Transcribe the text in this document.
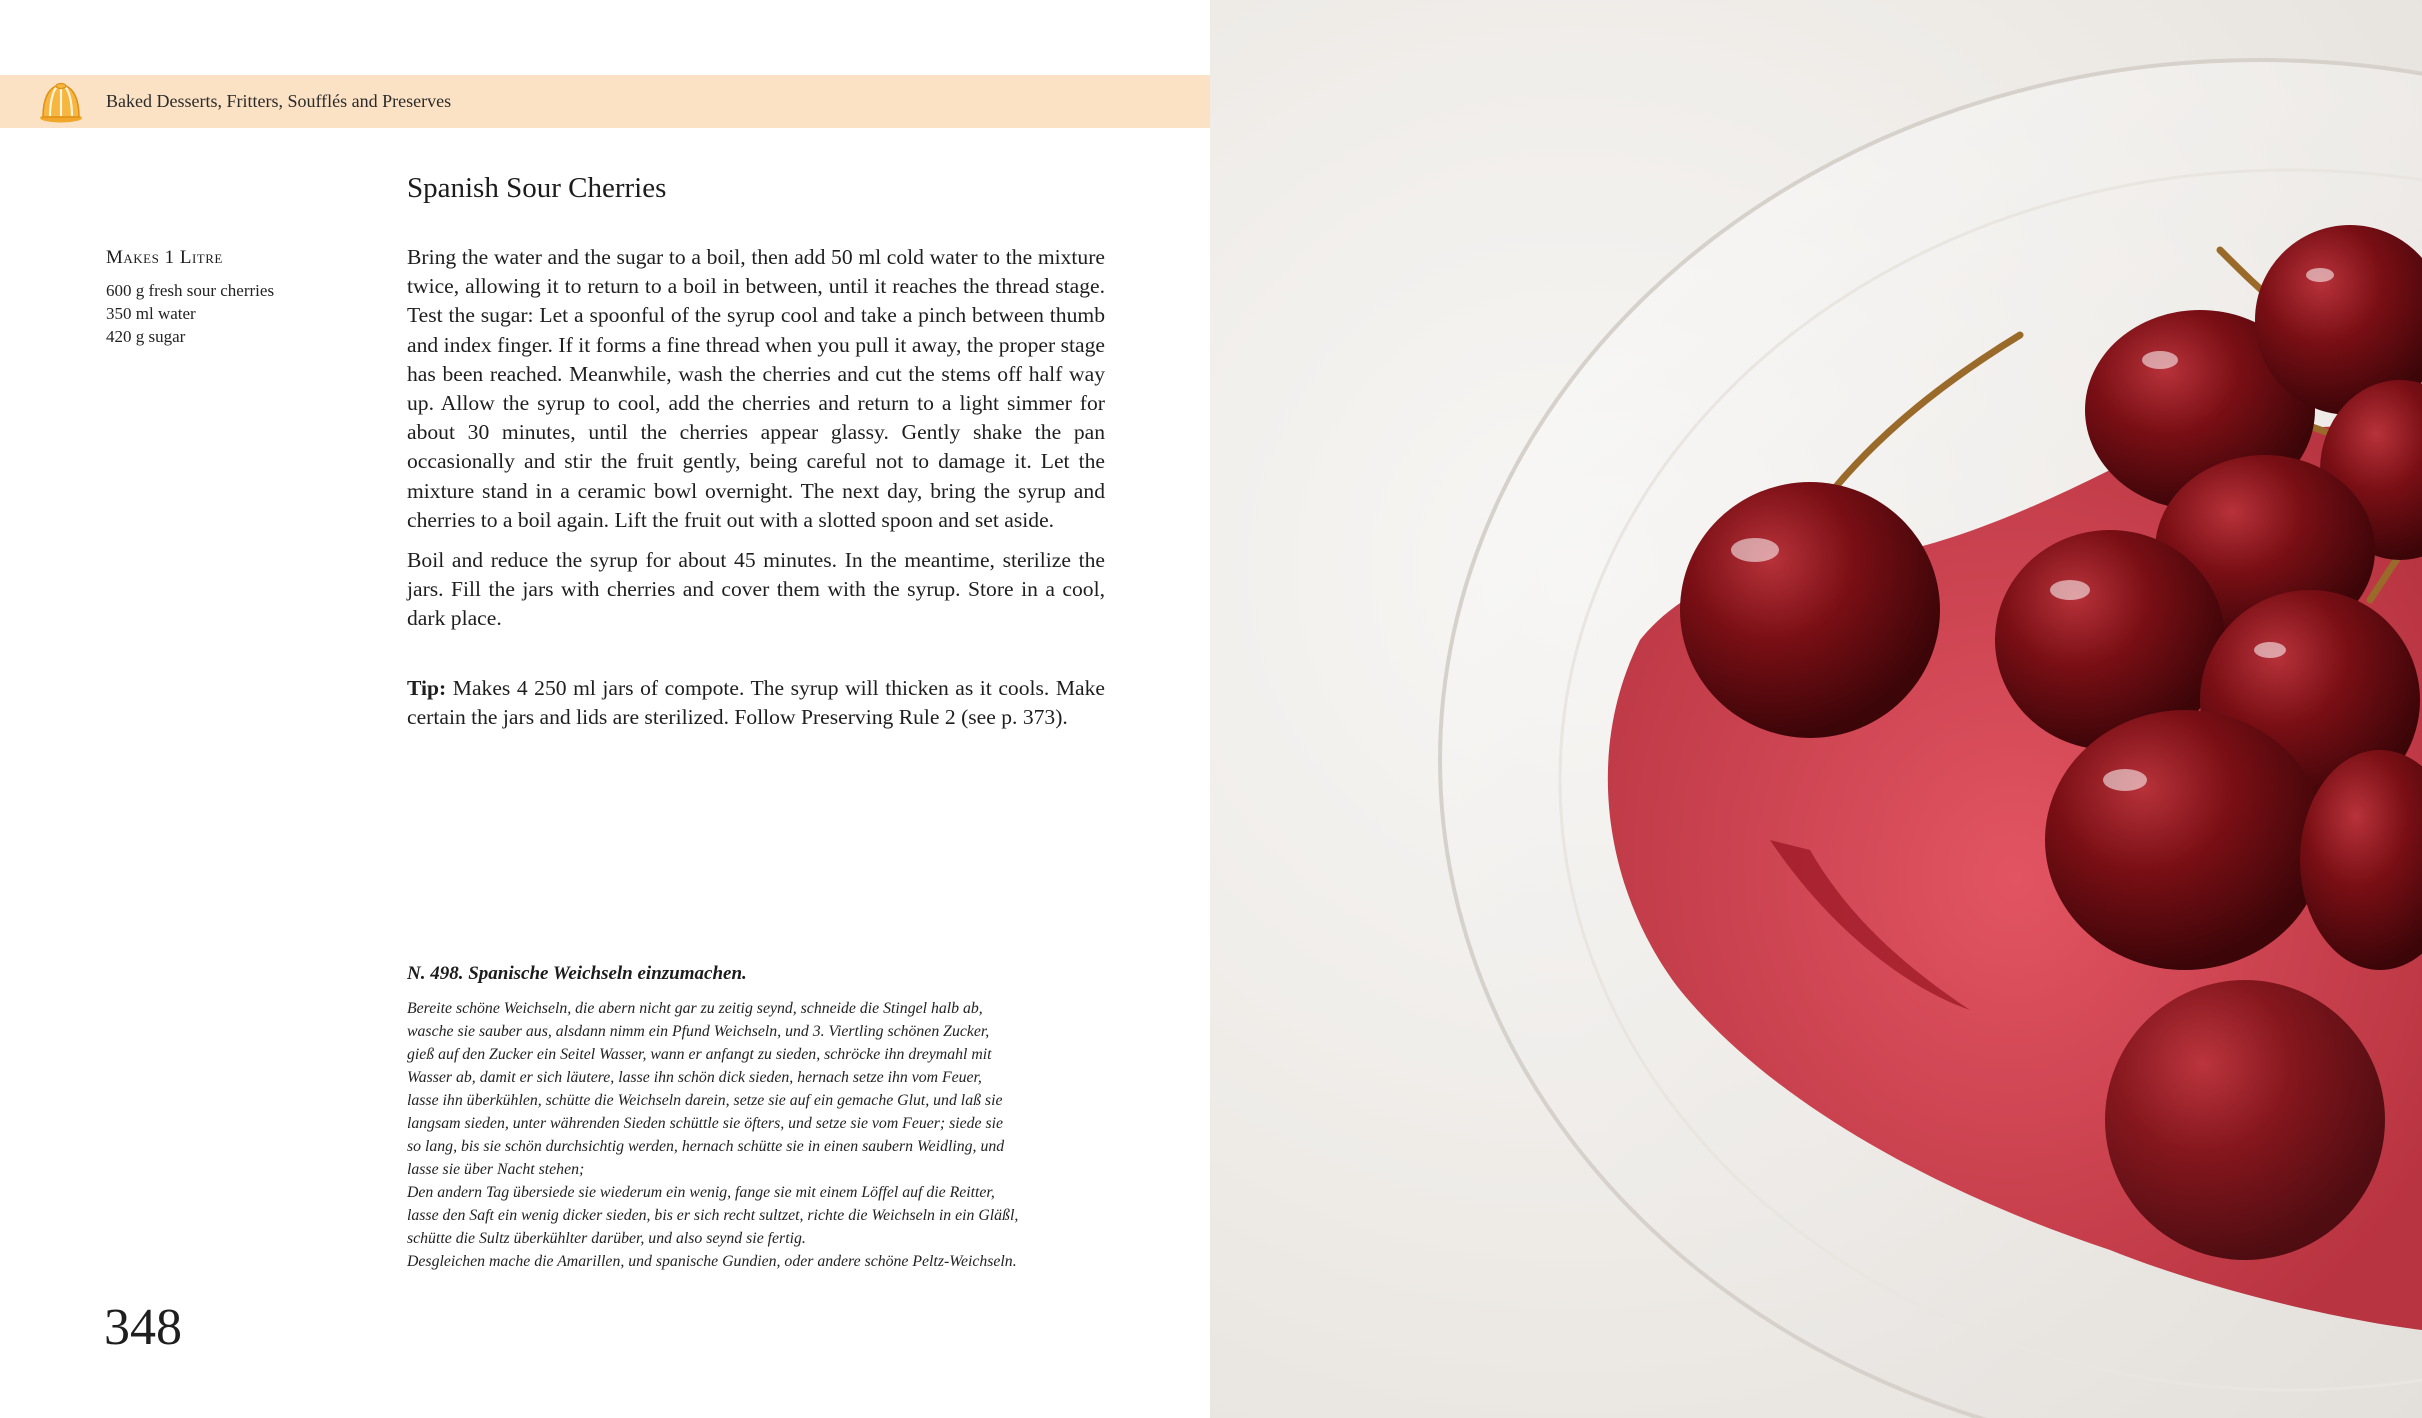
Baked Desserts, Fritters, Soufflés and Preserves
Spanish Sour Cherries
Makes 1 Litre
600 g fresh sour cherries
350 ml water
420 g sugar

Bring the water and the sugar to a boil, then add 50 ml cold water to the mixture twice, allowing it to return to a boil in between, until it reaches the thread stage. Test the sugar: Let a spoonful of the syrup cool and take a pinch between thumb and index finger. If it forms a fine thread when you pull it away, the proper stage has been reached. Meanwhile, wash the cherries and cut the stems off half way up. Allow the syrup to cool, add the cherries and return to a light simmer for about 30 minutes, until the cherries appear glassy. Gently shake the pan occasionally and stir the fruit gently, being careful not to damage it. Let the mixture stand in a ceramic bowl overnight. The next day, bring the syrup and cherries to a boil again. Lift the fruit out with a slotted spoon and set aside.

Boil and reduce the syrup for about 45 minutes. In the meantime, sterilize the jars. Fill the jars with cherries and cover them with the syrup. Store in a cool, dark place.

Tip: Makes 4 250 ml jars of compote. The syrup will thicken as it cools. Make certain the jars and lids are sterilized. Follow Preserving Rule 2 (see p. 373).

N. 498. Spanische Weichseln einzumachen.
Bereite schöne Weichseln, die abern nicht gar zu zeitig seynd, schneide die Stingel halb ab,
wasche sie sauber aus, alsdann nimm ein Pfund Weichseln, und 3. Viertling schönen Zucker,
gieß auf den Zucker ein Seitel Wasser, wann er anfangt zu sieden, schröcke ihn dreymahl mit
Wasser ab, damit er sich läutere, lasse ihn schön dick sieden, hernach setze ihn vom Feuer,
lasse ihn überkühlen, schütte die Weichseln darein, setze sie auf ein gemache Glut, und laß sie
langsam sieden, unter währenden Sieden schüttle sie öfters, und setze sie vom Feuer; siede sie
so lang, bis sie schön durchsichtig werden, hernach schütte sie in einen saubern Weidling, und
lasse sie über Nacht stehen;
Den andern Tag übersiede sie wiederum ein wenig, fange sie mit einem Löffel auf die Reitter,
lasse den Saft ein wenig dicker sieden, bis er sich recht sultzet, richte die Weichseln in ein Gläßl,
schütte die Sultz überkühlter darüber, und also seynd sie fertig.
Desgleichen mache die Amarillen, und spanische Gundien, oder andere schöne Peltz-Weichseln.
348
